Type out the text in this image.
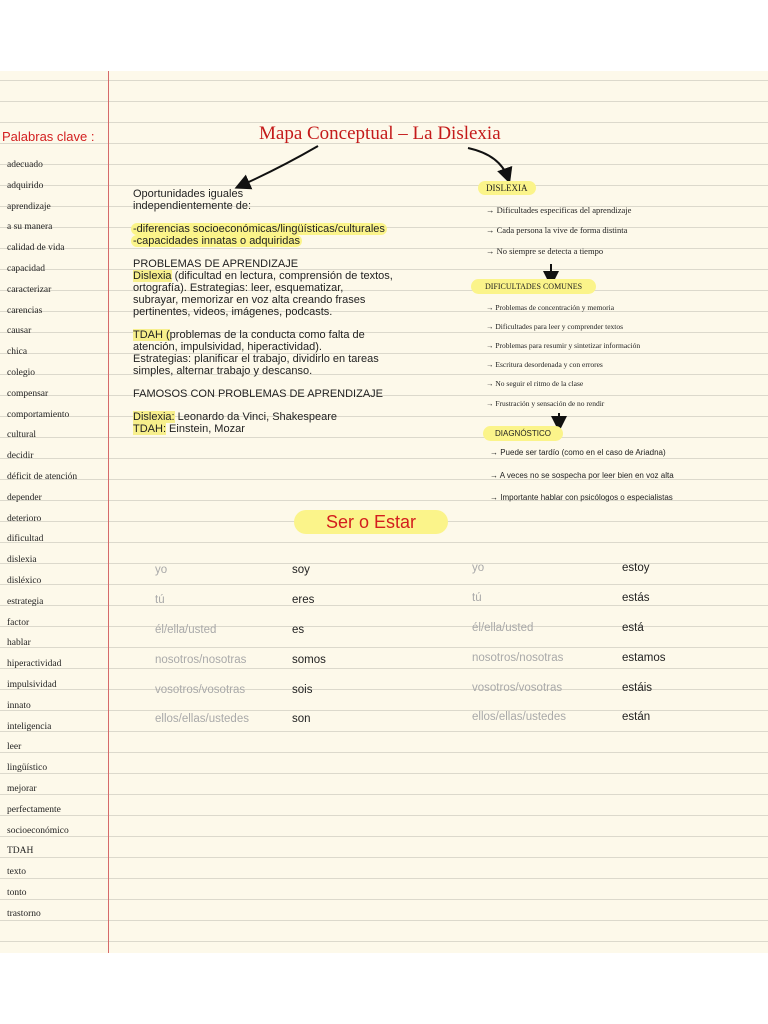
Palabras clave :
adecuado
adquirido
aprendizaje
a su manera
calidad de vida
capacidad
caracterizar
carencias
causar
chica
colegio
compensar
comportamiento
cultural
decidir
déficit de atención
depender
deterioro
dificultad
dislexia
disléxico
estrategia
factor
hablar
hiperactividad
impulsividad
innato
inteligencia
leer
lingüístico
mejorar
perfectamente
socioeconómico
TDAH
texto
tonto
trastorno
Mapa Conceptual – La Dislexia
Oportunidades iguales
independientemente de:
-diferencias socioeconómicas/lingüísticas/culturales
-capacidades innatas o adquiridas
PROBLEMAS DE APRENDIZAJE
Dislexia (dificultad en lectura, comprensión de textos,
ortografía). Estrategias: leer, esquematizar,
subrayar, memorizar en voz alta creando frases
pertinentes, videos, imágenes, podcasts.
TDAH (problemas de la conducta como falta de
atención, impulsividad, hiperactividad).
Estrategias: planificar el trabajo, dividirlo en tareas
simples, alternar trabajo y descanso.
FAMOSOS CON PROBLEMAS DE APRENDIZAJE
Dislexia: Leonardo da Vinci, Shakespeare
TDAH: Einstein, Mozar
DISLEXIA
→ Dificultades especificas del aprendizaje
→ Cada persona la vive de forma distinta
→ No siempre se detecta a tiempo
DIFICULTADES COMUNES
→ Problemas de concentración y memoria
→ Dificultades para leer y comprender textos
→ Problemas para resumir y sintetizar información
→ Escritura desordenada y con errores
→ No seguir el ritmo de la clase
→ Frustración y sensación de no rendir
DIAGNÓSTICO
→ Puede ser tardío (como en el caso de Ariadna)
→ A veces no se sospecha por leer bien en voz alta
→ Importante hablar con psicólogos o especialistas
Ser o Estar
yo	soy	yo	estoy
tú	eres	tú	estás
él/ella/usted	es	él/ella/usted	está
nosotros/nosotras	somos	nosotros/nosotras	estamos
vosotros/vosotras	sois	vosotros/vosotras	estáis
ellos/ellas/ustedes	son	ellos/ellas/ustedes	están
